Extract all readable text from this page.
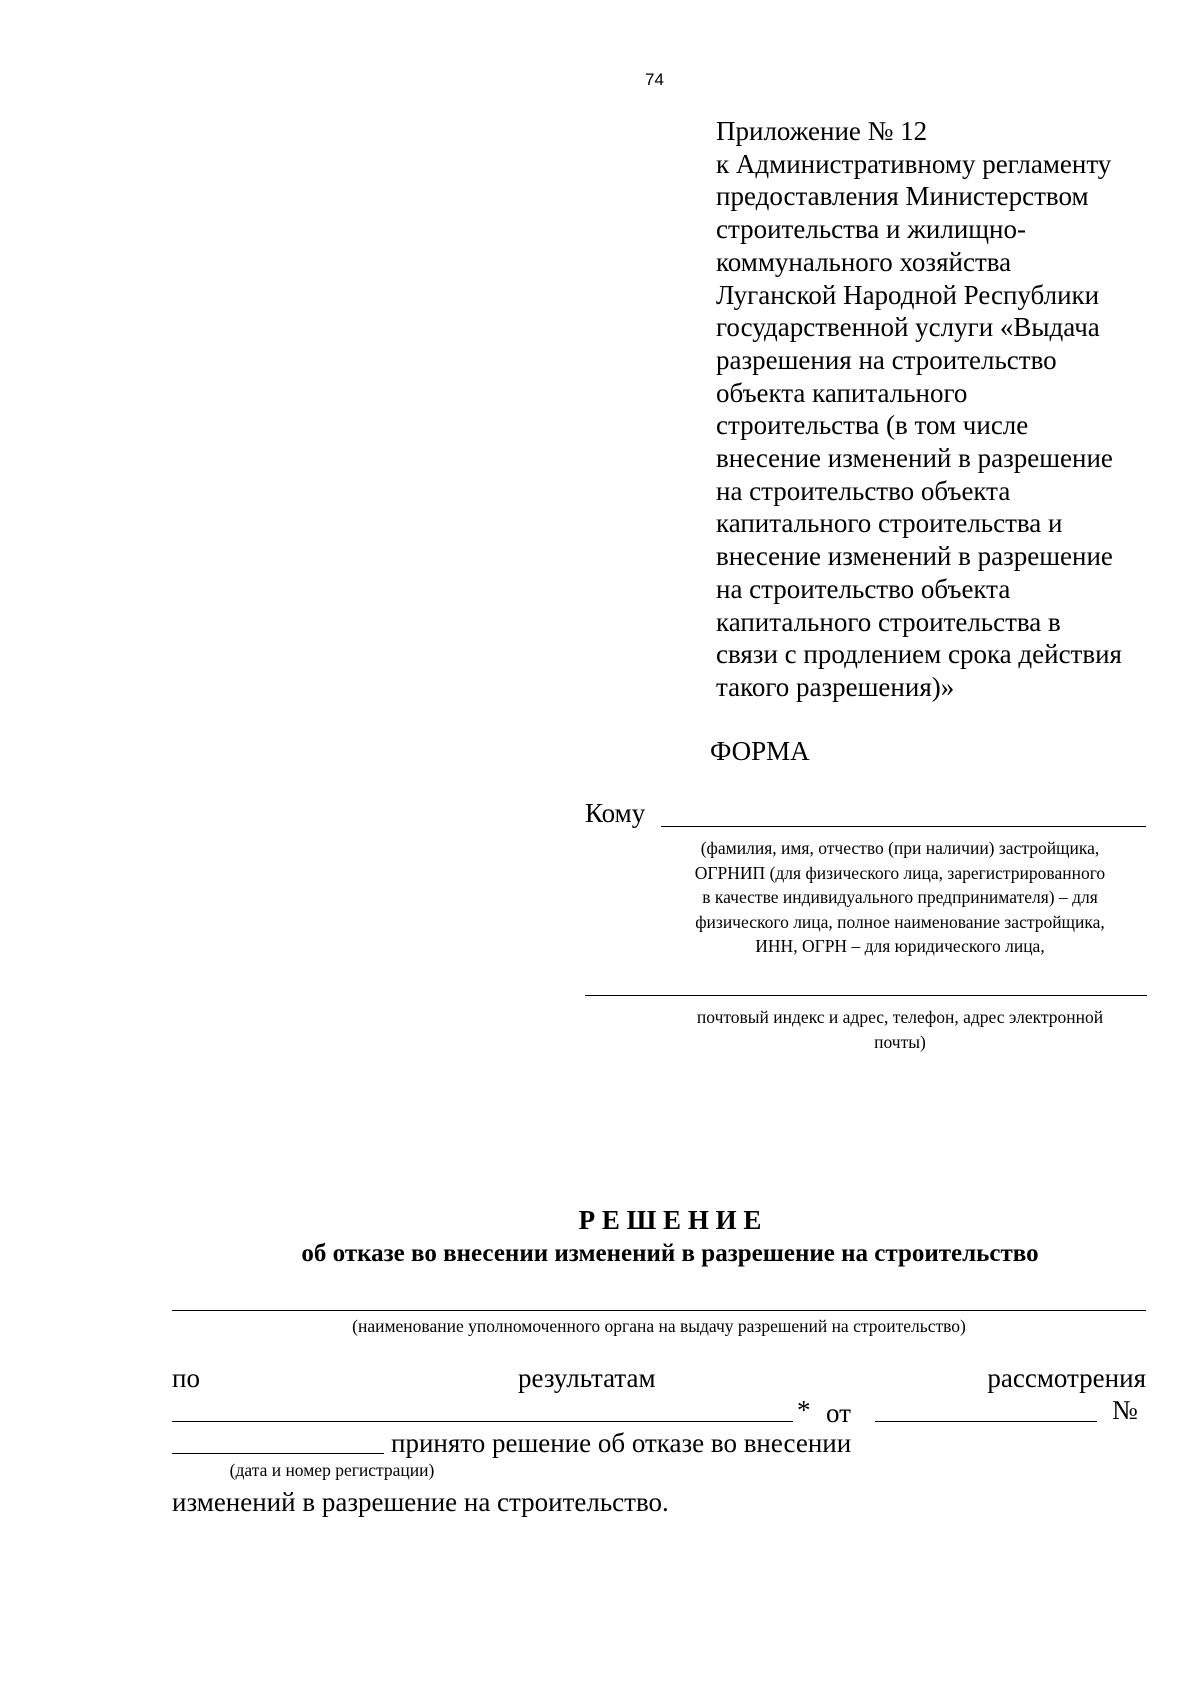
74
Приложение № 12
к Административному регламенту
предоставления Министерством
строительства и жилищно-
коммунального хозяйства
Луганской Народной Республики
государственной услуги «Выдача
разрешения на строительство
объекта капитального
строительства (в том числе
внесение изменений в разрешение
на строительство объекта
капитального строительства и
внесение изменений в разрешение
на строительство объекта
капитального строительства в
связи с продлением срока действия
такого разрешения)»
ФОРМА
Кому
(фамилия, имя, отчество (при наличии) застройщика,
ОГРНИП (для физического лица, зарегистрированного
в качестве индивидуального предпринимателя) – для
физического лица, полное наименование застройщика,
ИНН, ОГРН – для юридического лица,
почтовый индекс и адрес, телефон, адрес электронной
почты)
Р Е Ш Е Н И Е
об отказе во внесении изменений в разрешение на строительство
(наименование уполномоченного органа на выдачу разрешений на строительство)
по	результатам	рассмотрения
* от	№
принято решение об отказе во внесении
(дата и номер регистрации)
изменений в разрешение на строительство.
